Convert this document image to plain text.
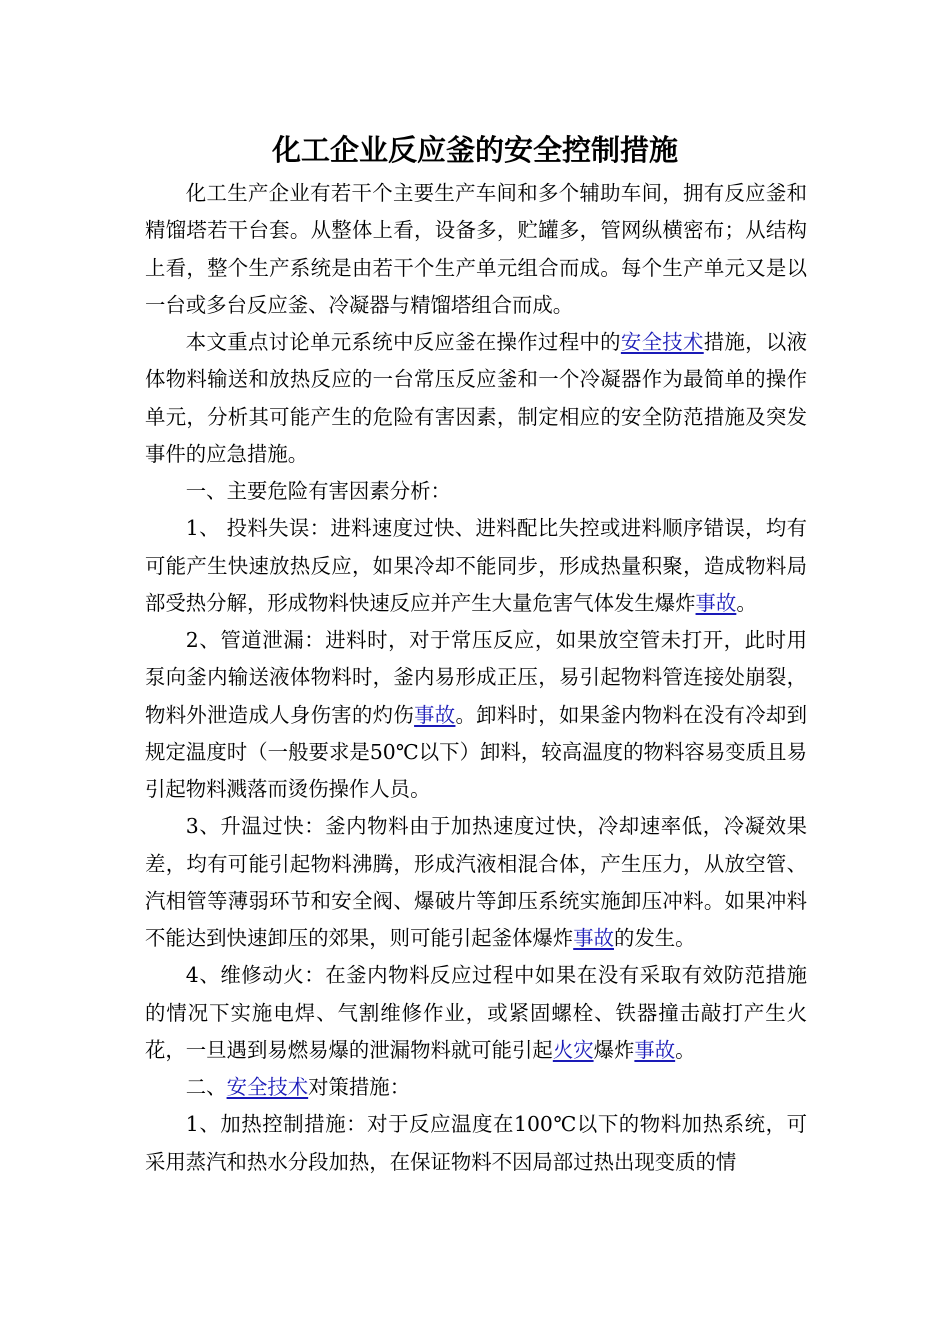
化工企业反应釜的安全控制措施

化工生产企业有若干个主要生产车间和多个辅助车间，拥有反应釜和精馏塔若干台套。从整体上看，设备多，贮罐多，管网纵横密布；从结构上看，整个生产系统是由若干个生产单元组合而成。每个生产单元又是以一台或多台反应釜、冷凝器与精馏塔组合而成。

本文重点讨论单元系统中反应釜在操作过程中的安全技术措施，以液体物料输送和放热反应的一台常压反应釜和一个冷凝器作为最简单的操作单元，分析其可能产生的危险有害因素，制定相应的安全防范措施及突发事件的应急措施。

一、主要危险有害因素分析：

1、 投料失误：进料速度过快、进料配比失控或进料顺序错误，均有可能产生快速放热反应，如果冷却不能同步，形成热量积聚，造成物料局部受热分解，形成物料快速反应并产生大量危害气体发生爆炸事故。

2、管道泄漏：进料时，对于常压反应，如果放空管未打开，此时用泵向釜内输送液体物料时，釜内易形成正压，易引起物料管连接处崩裂，物料外泄造成人身伤害的灼伤事故。卸料时，如果釜内物料在没有冷却到规定温度时（一般要求是50℃以下）卸料，较高温度的物料容易变质且易引起物料溅落而烫伤操作人员。

3、升温过快：釜内物料由于加热速度过快，冷却速率低，冷凝效果差，均有可能引起物料沸腾，形成汽液相混合体，产生压力，从放空管、汽相管等薄弱环节和安全阀、爆破片等卸压系统实施卸压冲料。如果冲料不能达到快速卸压的郊果，则可能引起釜体爆炸事故的发生。

4、维修动火：在釜内物料反应过程中如果在没有采取有效防范措施的情况下实施电焊、气割维修作业，或紧固螺栓、铁器撞击敲打产生火花，一旦遇到易燃易爆的泄漏物料就可能引起火灾爆炸事故。

二、安全技术对策措施：

1、加热控制措施：对于反应温度在100℃以下的物料加热系统，可采用蒸汽和热水分段加热，在保证物料不因局部过热出现变质的情
